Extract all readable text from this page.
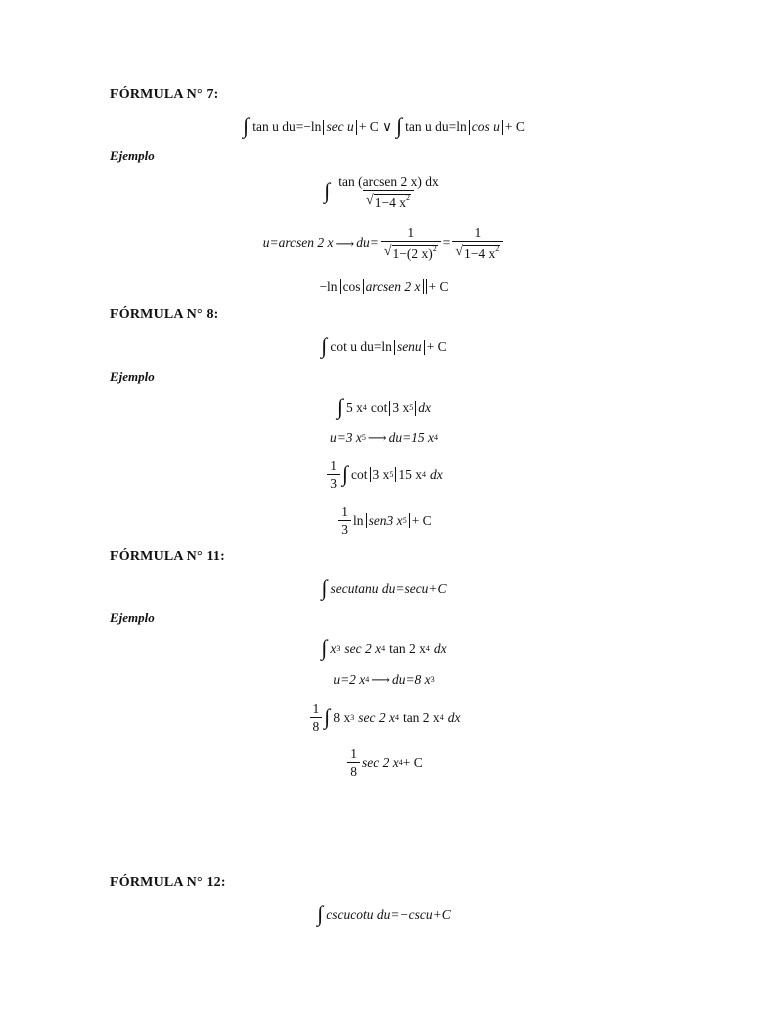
FÓRMULA N° 7:
∫ tan u du=−ln sec u + C ∨ ∫ tan u du=ln cos u + C
Ejemplo
∫ $\frac{\text{tan (arcsen 2 x) dx}}{√ 1-4 x^2}$
u=arcsen 2 x ⟶ $du= \frac{1}{√ 1-(2 x)^2} = \frac{1}{√ 1-4 x^2}$
−ln cos arcsen 2 x + C
FÓRMULA N° 8:
∫ cot u du=ln senu + C
Ejemplo
∫ 5 x 4 cot 3 x 5 dx
u=3 x 5 ⟶ du=15 x 4
$\frac{1}{3}$ ∫ cot 3 x 5 15 x 4 dx
$\frac{1}{3}$ ln sen3 x 5 + C
FÓRMULA N° 11:
∫ secutanu du=secu+C
Ejemplo
∫ x 3 sec 2 x 4 tan 2 x 4 dx
u=2 x 4 ⟶ du=8 x 3
$\frac{1}{8}$ ∫ 8 x 3 sec 2 x 4 tan 2 x 4 dx
$\frac{1}{8}$ sec 2 x 4 + C
FÓRMULA N° 12:
∫ cscucotu du=−cscu+C
